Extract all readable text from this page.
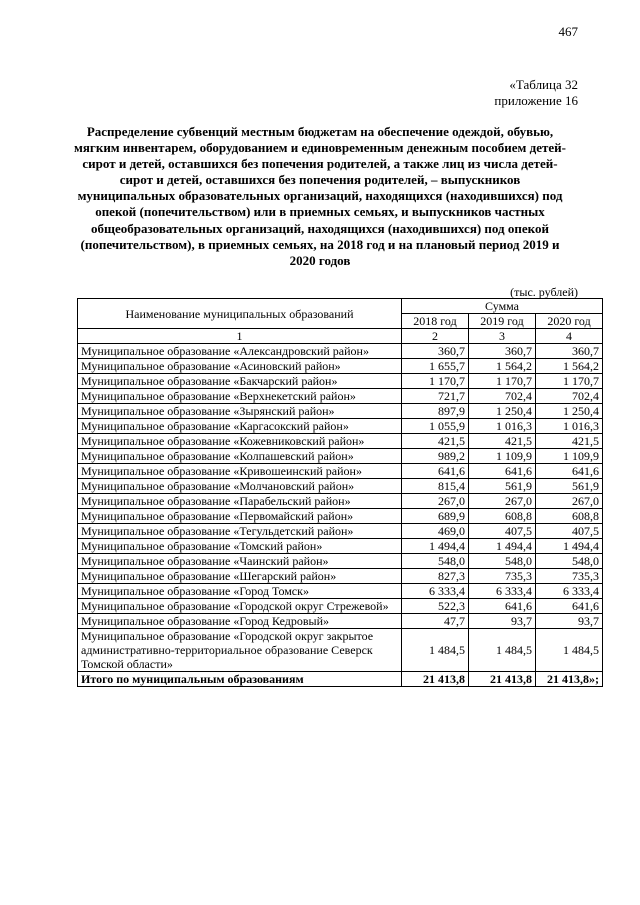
467
«Таблица 32
приложение 16

Распределение субвенций местным бюджетам на обеспечение одеждой, обувью, мягким инвентарем, оборудованием и единовременным денежным пособием детей-сирот и детей, оставшихся без попечения родителей, а также лиц из числа детей-сирот и детей, оставшихся без попечения родителей, – выпускников муниципальных образовательных организаций, находящихся (находившихся) под опекой (попечительством) или в приемных семьях, и выпускников частных общеобразовательных организаций, находящихся (находившихся) под опекой (попечительством), в приемных семьях, на 2018 год и на плановый период 2019 и 2020 годов

(тыс. рублей)
Наименование муниципальных образований	Сумма		
	2018 год	2019 год	2020 год
1	2	3	4
Муниципальное образование «Александровский район»	360,7	360,7	360,7
Муниципальное образование «Асиновский район»	1 655,7	1 564,2	1 564,2
Муниципальное образование «Бакчарский район»	1 170,7	1 170,7	1 170,7
Муниципальное образование «Верхнекетский район»	721,7	702,4	702,4
Муниципальное образование «Зырянский район»	897,9	1 250,4	1 250,4
Муниципальное образование «Каргасокский район»	1 055,9	1 016,3	1 016,3
Муниципальное образование «Кожевниковский район»	421,5	421,5	421,5
Муниципальное образование «Колпашевский район»	989,2	1 109,9	1 109,9
Муниципальное образование «Кривошеинский район»	641,6	641,6	641,6
Муниципальное образование «Молчановский район»	815,4	561,9	561,9
Муниципальное образование «Парабельский район»	267,0	267,0	267,0
Муниципальное образование «Первомайский район»	689,9	608,8	608,8
Муниципальное образование «Тегульдетский район»	469,0	407,5	407,5
Муниципальное образование «Томский район»	1 494,4	1 494,4	1 494,4
Муниципальное образование «Чаинский район»	548,0	548,0	548,0
Муниципальное образование «Шегарский район»	827,3	735,3	735,3
Муниципальное образование «Город Томск»	6 333,4	6 333,4	6 333,4
Муниципальное образование «Городской округ Стрежевой»	522,3	641,6	641,6
Муниципальное образование «Город Кедровый»	47,7	93,7	93,7
Муниципальное образование «Городской округ закрытое административно-территориальное образование Северск Томской области»	1 484,5	1 484,5	1 484,5
Итого по муниципальным образованиям	21 413,8	21 413,8	21 413,8»;
